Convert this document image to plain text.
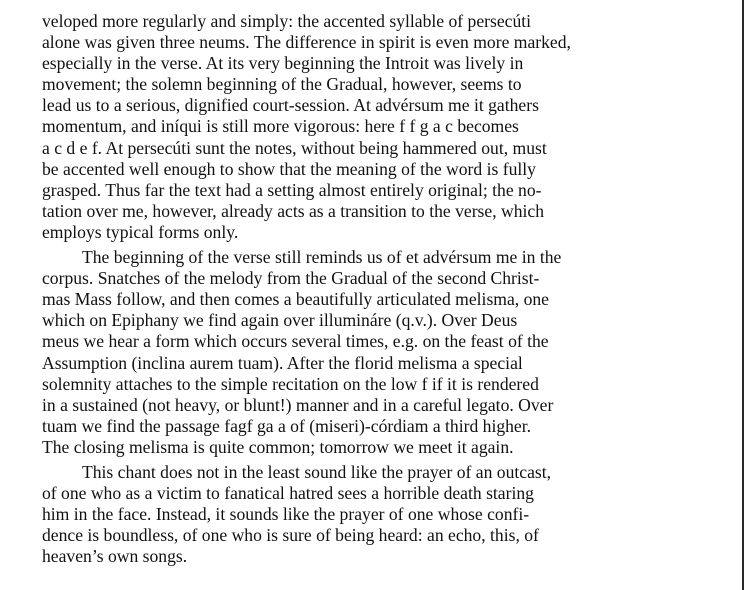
veloped more regularly and simply: the accented syllable of persecúti
alone was given three neums. The difference in spirit is even more marked,
especially in the verse. At its very beginning the Introit was lively in
movement; the solemn beginning of the Gradual, however, seems to
lead us to a serious, dignified court-session. At advérsum me it gathers
momentum, and iníqui is still more vigorous: here f f g a c becomes
a c d e f. At persecúti sunt the notes, without being hammered out, must
be accented well enough to show that the meaning of the word is fully
grasped. Thus far the text had a setting almost entirely original; the no-
tation over me, however, already acts as a transition to the verse, which
employs typical forms only.

The beginning of the verse still reminds us of et advérsum me in the
corpus. Snatches of the melody from the Gradual of the second Christ-
mas Mass follow, and then comes a beautifully articulated melisma, one
which on Epiphany we find again over illumináre (q.v.). Over Deus
meus we hear a form which occurs several times, e.g. on the feast of the
Assumption (inclina aurem tuam). After the florid melisma a special
solemnity attaches to the simple recitation on the low f if it is rendered
in a sustained (not heavy, or blunt!) manner and in a careful legato. Over
tuam we find the passage fagf ga a of (miseri)-córdiam a third higher.
The closing melisma is quite common; tomorrow we meet it again.

This chant does not in the least sound like the prayer of an outcast,
of one who as a victim to fanatical hatred sees a horrible death staring
him in the face. Instead, it sounds like the prayer of one whose confi-
dence is boundless, of one who is sure of being heard: an echo, this, of
heaven’s own songs.
